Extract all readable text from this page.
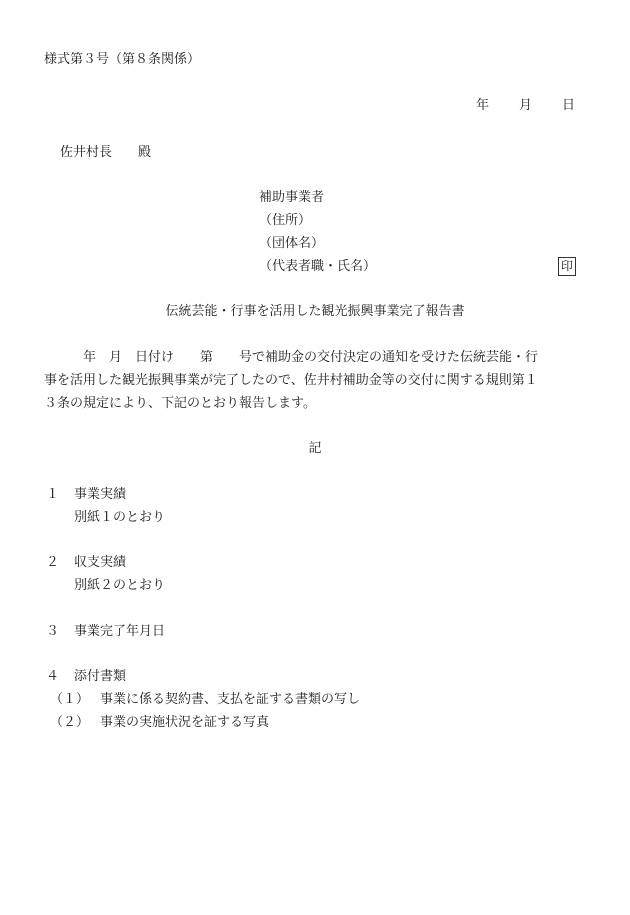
様式第３号（第８条関係）
年 月 日
佐井村長　　殿
補助事業者
（住所）
（団体名）
（代表者職・氏名）	印
伝統芸能・行事を活用した観光振興事業完了報告書
　　　年　月　日付け　　第　　号で補助金の交付決定の通知を受けた伝統芸能・行
事を活用した観光振興事業が完了したので、佐井村補助金等の交付に関する規則第１
３条の規定により、下記のとおり報告します。
記
１ 事業実績
別紙１のとおり
２ 収支実績
別紙２のとおり
３ 事業完了年月日
４ 添付書類
（１） 事業に係る契約書、支払を証する書類の写し
（２） 事業の実施状況を証する写真
